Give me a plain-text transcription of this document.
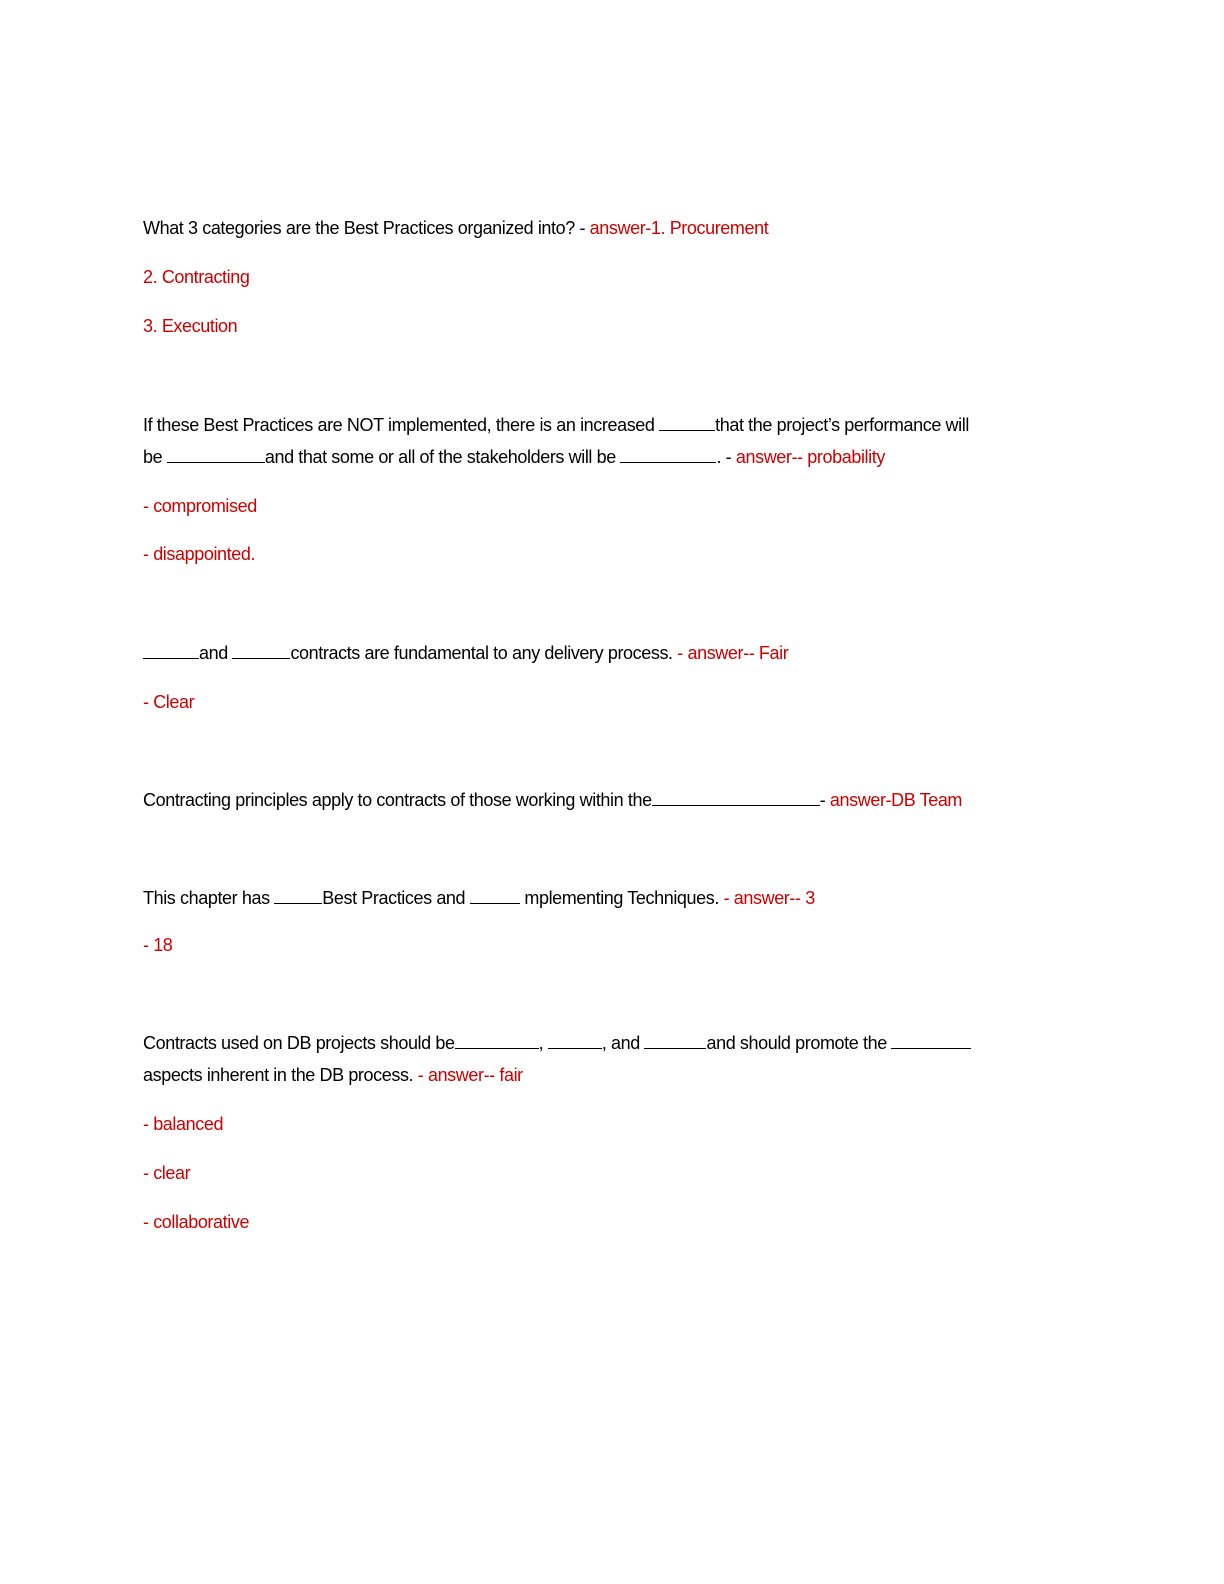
What 3 categories are the Best Practices organized into? - answer-1. Procurement
2. Contracting
3. Execution
If these Best Practices are NOT implemented, there is an increased	that the project’s performance will
be	and that some or all of the stakeholders will be	. - answer-- probability
- compromised
- disappointed.
and	contracts are fundamental to any delivery process. - answer-- Fair
- Clear
Contracting principles apply to contracts of those working within the	- answer-DB Team
This chapter has	Best Practices and	mplementing Techniques. - answer-- 3
- 18
Contracts used on DB projects should be	,	, and	and should promote the
aspects inherent in the DB process. - answer-- fair
- balanced
- clear
- collaborative
